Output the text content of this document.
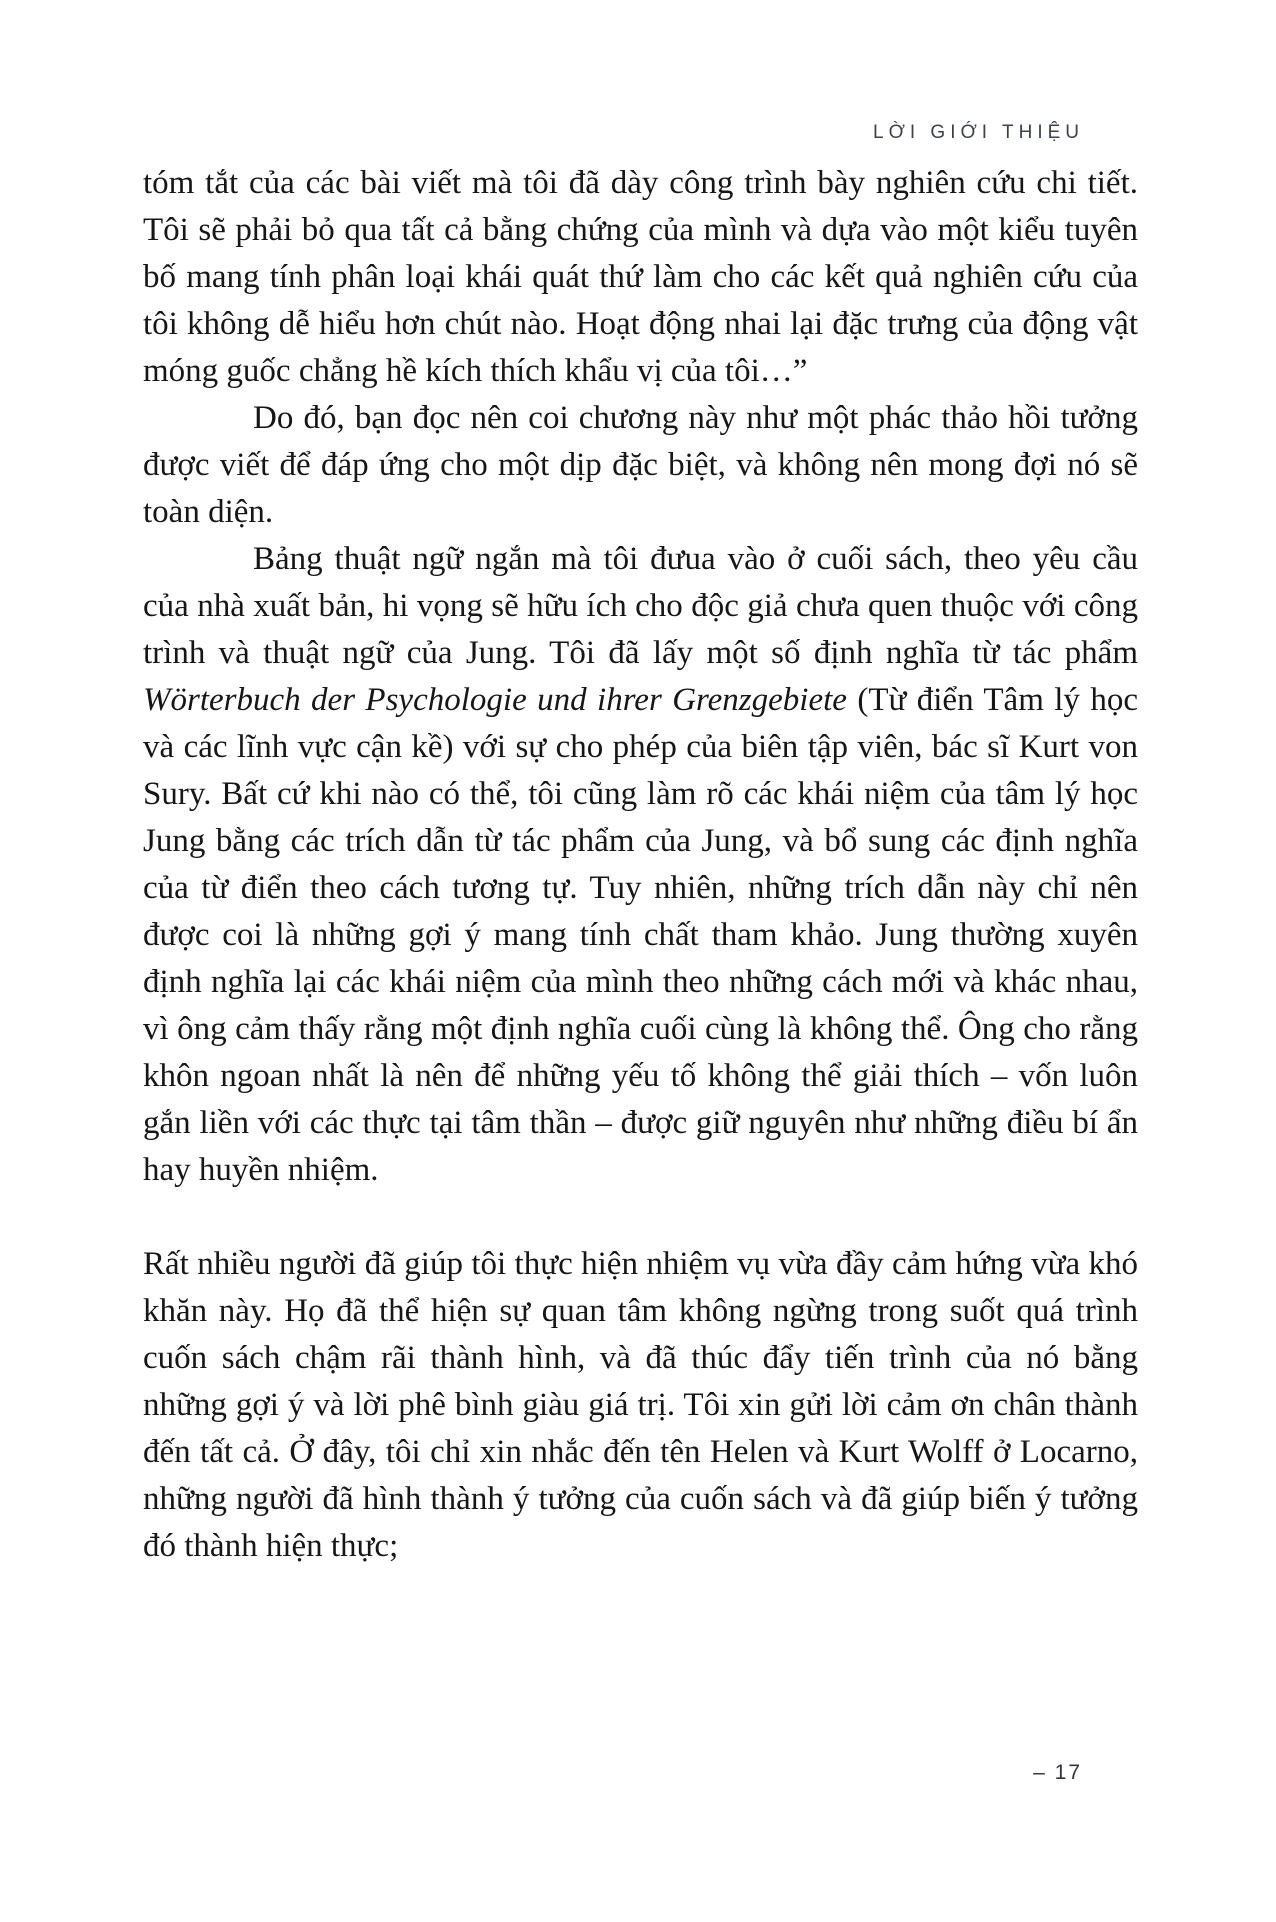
LỜI GIỚI THIỆU

tóm tắt của các bài viết mà tôi đã dày công trình bày nghiên cứu chi tiết. Tôi sẽ phải bỏ qua tất cả bằng chứng của mình và dựa vào một kiểu tuyên bố mang tính phân loại khái quát thứ làm cho các kết quả nghiên cứu của tôi không dễ hiểu hơn chút nào. Hoạt động nhai lại đặc trưng của động vật móng guốc chẳng hề kích thích khẩu vị của tôi…”

Do đó, bạn đọc nên coi chương này như một phác thảo hồi tưởng được viết để đáp ứng cho một dịp đặc biệt, và không nên mong đợi nó sẽ toàn diện.

Bảng thuật ngữ ngắn mà tôi đưua vào ở cuối sách, theo yêu cầu của nhà xuất bản, hi vọng sẽ hữu ích cho độc giả chưa quen thuộc với công trình và thuật ngữ của Jung. Tôi đã lấy một số định nghĩa từ tác phẩm Wörterbuch der Psychologie und ihrer Grenzgebiete (Từ điển Tâm lý học và các lĩnh vực cận kề) với sự cho phép của biên tập viên, bác sĩ Kurt von Sury. Bất cứ khi nào có thể, tôi cũng làm rõ các khái niệm của tâm lý học Jung bằng các trích dẫn từ tác phẩm của Jung, và bổ sung các định nghĩa của từ điển theo cách tương tự. Tuy nhiên, những trích dẫn này chỉ nên được coi là những gợi ý mang tính chất tham khảo. Jung thường xuyên định nghĩa lại các khái niệm của mình theo những cách mới và khác nhau, vì ông cảm thấy rằng một định nghĩa cuối cùng là không thể. Ông cho rằng khôn ngoan nhất là nên để những yếu tố không thể giải thích – vốn luôn gắn liền với các thực tại tâm thần – được giữ nguyên như những điều bí ẩn hay huyền nhiệm.

Rất nhiều người đã giúp tôi thực hiện nhiệm vụ vừa đầy cảm hứng vừa khó khăn này. Họ đã thể hiện sự quan tâm không ngừng trong suốt quá trình cuốn sách chậm rãi thành hình, và đã thúc đẩy tiến trình của nó bằng những gợi ý và lời phê bình giàu giá trị. Tôi xin gửi lời cảm ơn chân thành đến tất cả. Ở đây, tôi chỉ xin nhắc đến tên Helen và Kurt Wolff ở Locarno, những người đã hình thành ý tưởng của cuốn sách và đã giúp biến ý tưởng đó thành hiện thực;

– 17
